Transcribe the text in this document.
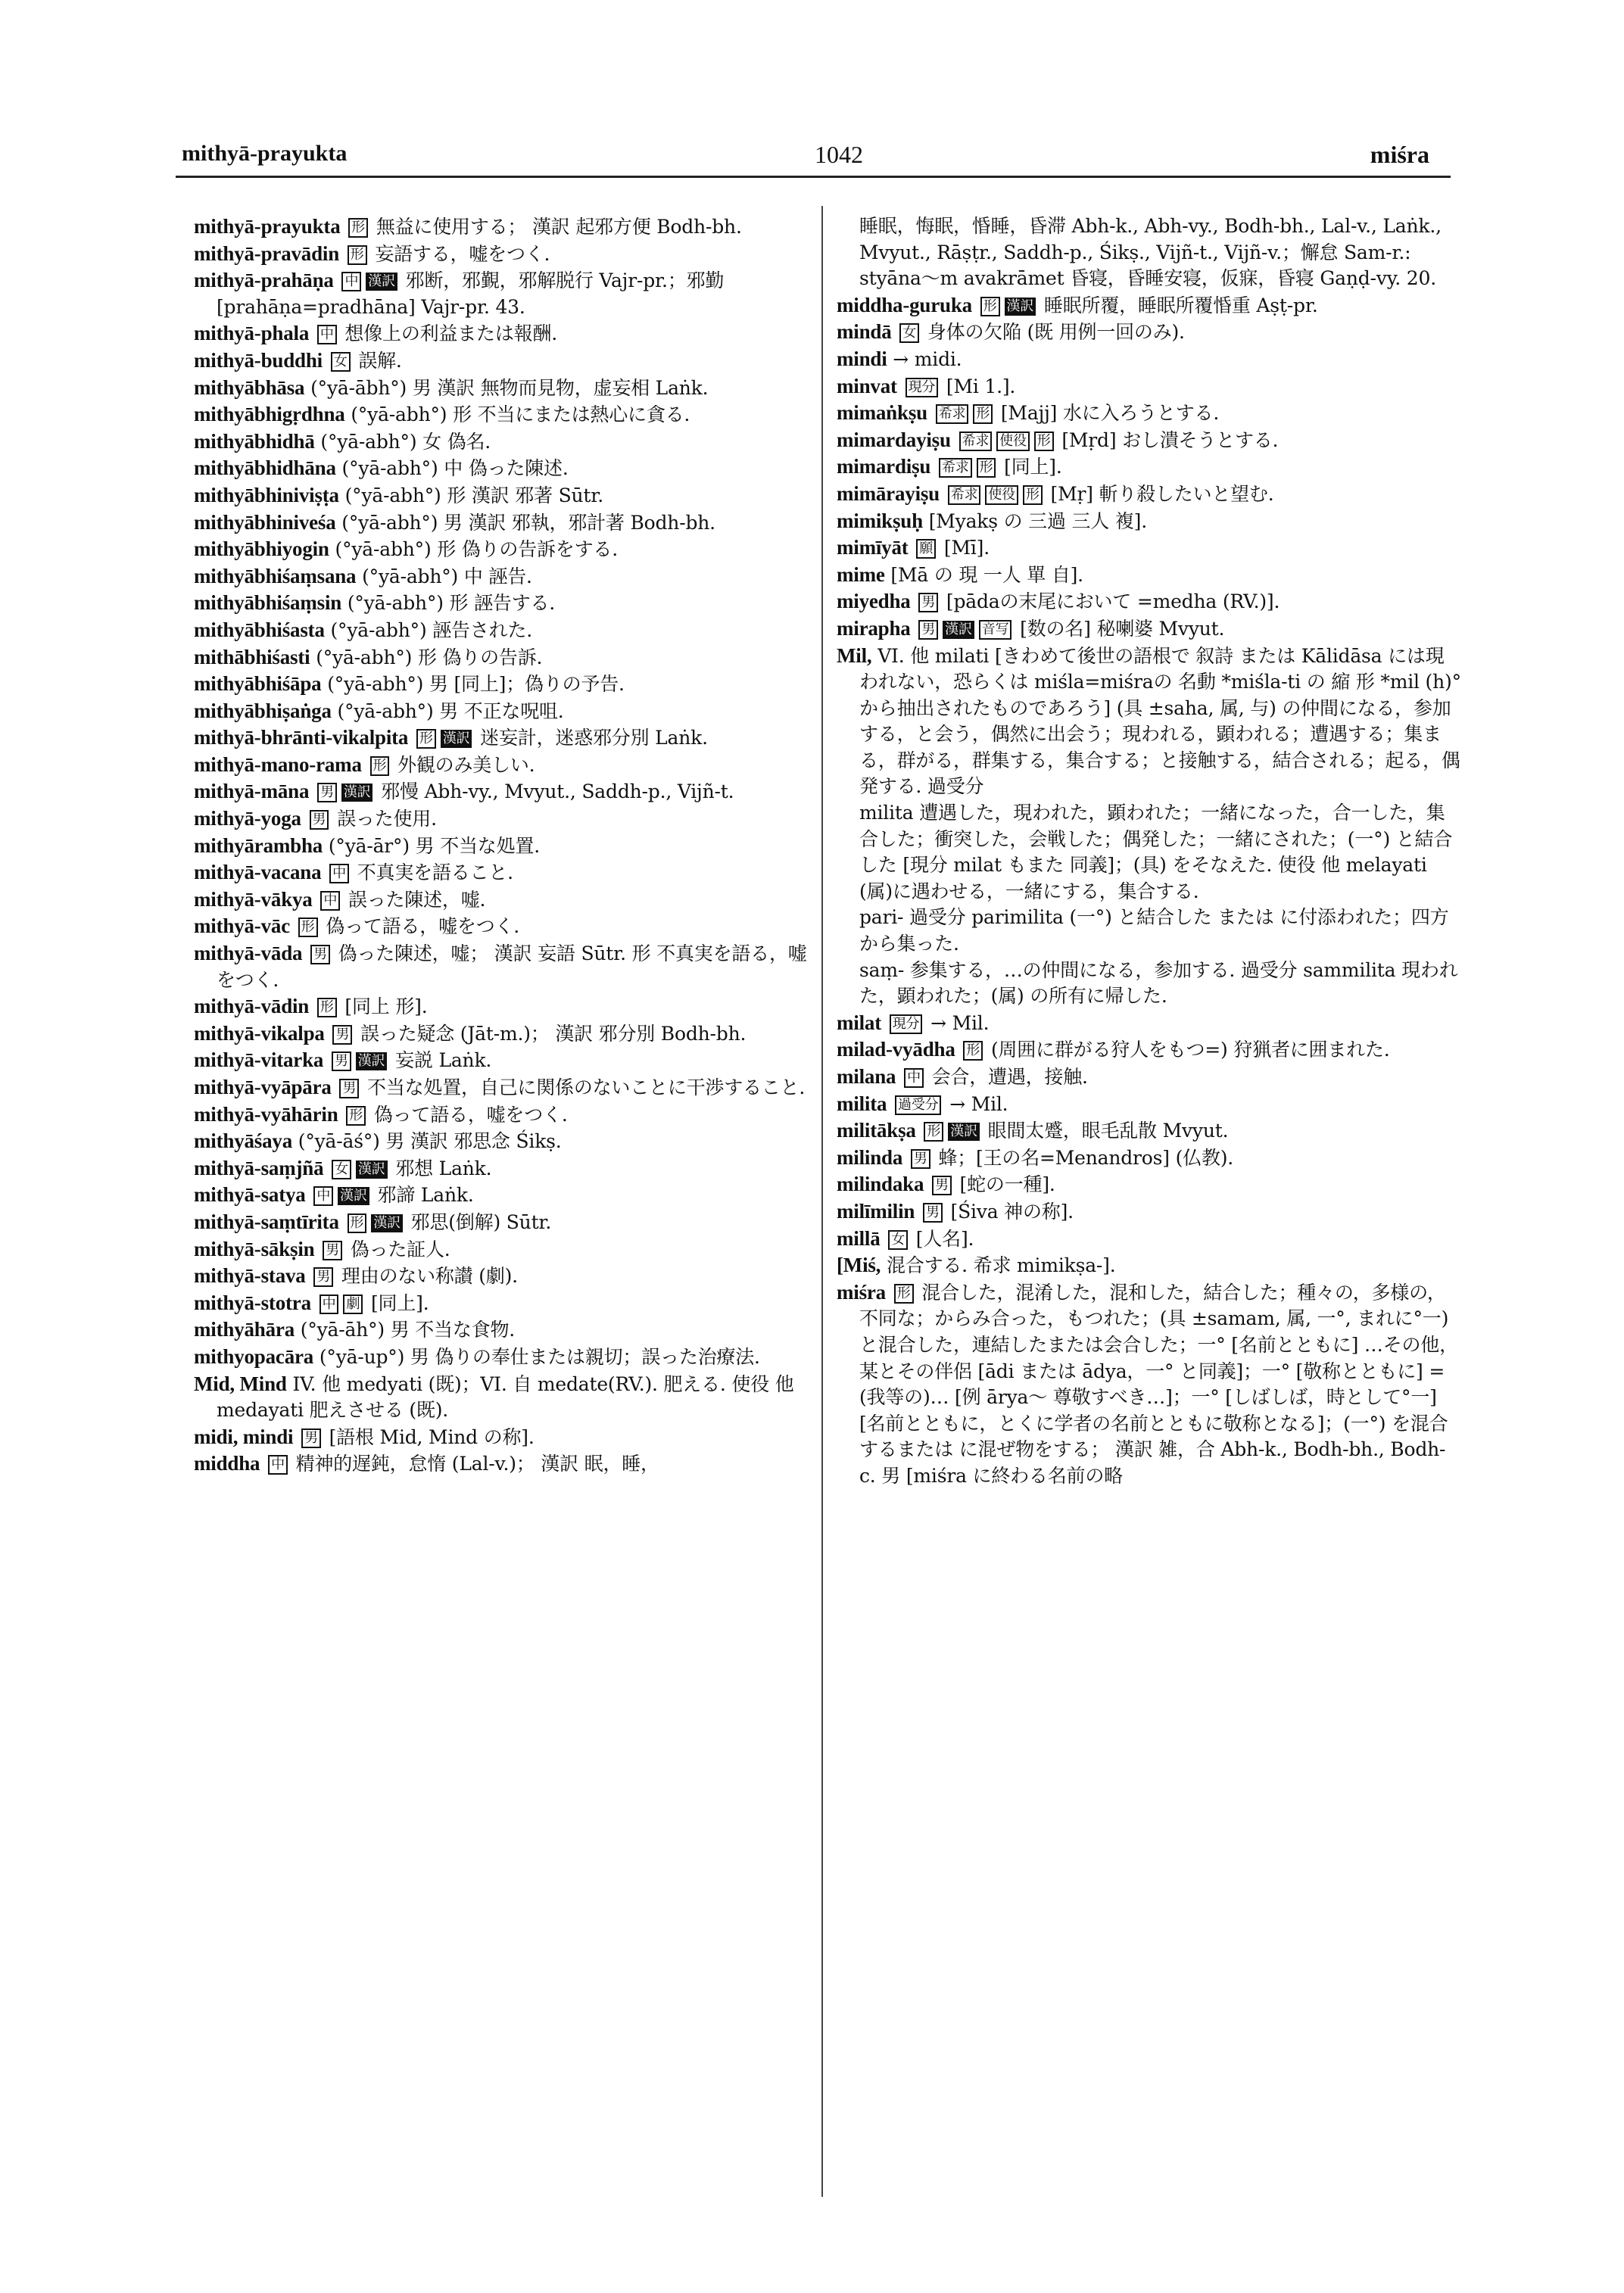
mithyā-prayukta	1042	miśra
mithyā-prayukta 形 無益に使用する； 漢訳 起邪方便 Bodh-bh.
mithyā-pravādin 形 妄語する，嘘をつく.
mithyā-prahāṇa 中 漢訳 邪断，邪覲，邪解脱行 Vajr-pr.；邪勤 [prahāṇa=pradhāna] Vajr-pr. 43.
mithyā-phala 中 想像上の利益または報酬.
mithyā-buddhi 女 誤解.
mithyābhāsa (°yā-ābh°) 男 漢訳 無物而見物，虚妄相 Laṅk.
mithyābhigṛdhna (°yā-abh°) 形 不当にまたは熱心に貪る.
mithyābhidhā (°yā-abh°) 女 偽名.
mithyābhidhāna (°yā-abh°) 中 偽った陳述.
mithyābhiniviṣṭa (°yā-abh°) 形 漢訳 邪著 Sūtr.
mithyābhiniveśa (°yā-abh°) 男 漢訳 邪執，邪計著 Bodh-bh.
mithyābhiyogin (°yā-abh°) 形 偽りの告訴をする.
mithyābhiśaṃsana (°yā-abh°) 中 誣告.
mithyābhiśaṃsin (°yā-abh°) 形 誣告する.
mithyābhiśasta (°yā-abh°) 誣告された.
mithābhiśasti (°yā-abh°) 形 偽りの告訴.
mithyābhiśāpa (°yā-abh°) 男 [同上]；偽りの予告.
mithyābhiṣaṅga (°yā-abh°) 男 不正な呪咀.
mithyā-bhrānti-vikalpita 形 漢訳 迷妄計，迷惑邪分別 Laṅk.
mithyā-mano-rama 形 外観のみ美しい.
mithyā-māna 男 漢訳 邪慢 Abh-vy., Mvyut., Saddh-p., Vijñ-t.
mithyā-yoga 男 誤った使用.
mithyārambha (°yā-ār°) 男 不当な処置.
mithyā-vacana 中 不真実を語ること.
mithyā-vākya 中 誤った陳述，嘘.
mithyā-vāc 形 偽って語る，嘘をつく.
mithyā-vāda 男 偽った陳述，嘘； 漢訳 妄語 Sūtr. 形 不真実を語る，嘘をつく.
mithyā-vādin 形 [同上 形].
mithyā-vikalpa 男 誤った疑念 (Jāt-m.)； 漢訳 邪分別 Bodh-bh.
mithyā-vitarka 男 漢訳 妄説 Laṅk.
mithyā-vyāpāra 男 不当な処置，自己に関係のないことに干渉すること.
mithyā-vyāhārin 形 偽って語る，嘘をつく.
mithyāśaya (°yā-āś°) 男 漢訳 邪思念 Śikṣ.
mithyā-saṃjñā 女 漢訳 邪想 Laṅk.
mithyā-satya 中 漢訳 邪諦 Laṅk.
mithyā-saṃtīrita 形 漢訳 邪思(倒解) Sūtr.
mithyā-sākṣin 男 偽った証人.
mithyā-stava 男 理由のない称讃 (劇).
mithyā-stotra 中 劇 [同上].
mithyāhāra (°yā-āh°) 男 不当な食物.
mithyopacāra (°yā-up°) 男 偽りの奉仕または親切；誤った治療法.
Mid, Mind IV. 他 medyati (既)；VI. 自 medate(RV.). 肥える. 使役 他 medayati 肥えさせる (既).
midi, mindi 男 [語根 Mid, Mind の称].
middha 中 精神的遅鈍，怠惰 (Lal-v.)； 漢訳 眠，睡，
睡眠，悔眠，惛睡，昏滞 Abh-k., Abh-vy., Bodh-bh., Lal-v., Laṅk., Mvyut., Rāṣṭr., Saddh-p., Śikṣ., Vijñ-t., Vijñ-v.；懈怠 Sam-r.: styāna〜m avakrāmet 昏寝，昏睡安寝，仮寐，昏寝 Gaṇḍ-vy. 20.
middha-guruka 形 漢訳 睡眠所覆，睡眠所覆惛重 Aṣṭ-pr.
mindā 女 身体の欠陥 (既 用例一回のみ).
mindi → midi.
minvat 現分 [Mi 1.].
mimaṅkṣu 希求 形 [Majj] 水に入ろうとする.
mimardayiṣu 希求 使役 形 [Mṛd] おし潰そうとする.
mimardiṣu 希求 形 [同上].
mimārayiṣu 希求 使役 形 [Mṛ] 斬り殺したいと望む.
mimikṣuḥ [Myakṣ の 三過 三人 複].
mimīyāt 願 [Mī].
mime [Mā の 現 一人 單 自].
miyedha 男 [pādaの末尾において =medha (RV.)].
mirapha 男 漢訳 音写 [数の名] 秘喇婆 Mvyut.
Mil, VI. 他 milati [きわめて後世の語根で 叙詩 または Kālidāsa には現われない，恐らくは miśla=miśraの 名動 *miśla-ti の 縮 形 *mil (h)° から抽出されたものであろう] (具 ±saha, 属, 与) の仲間になる，参加する，と会う，偶然に出会う；現われる，顕われる；遭遇する；集まる，群がる，群集する，集合する；と接触する，結合される；起る，偶発する. 過受分
milita 遭遇した，現われた，顕われた；一緒になった，合一した，集合した；衝突した，会戦した；偶発した；一緒にされた；(一°) と結合した [現分 milat もまた 同義]；(具) をそなえた. 使役 他 melayati (属)に遇わせる，一緒にする，集合する.
pari- 過受分 parimilita (一°) と結合した または に付添われた；四方から集った.
saṃ- 参集する，…の仲間になる，参加する. 過受分 sammilita 現われた，顕われた；(属) の所有に帰した.
milat 現分 → Mil.
milad-vyādha 形 (周囲に群がる狩人をもつ=) 狩猟者に囲まれた.
milana 中 会合，遭遇，接触.
milita 過受分 → Mil.
militākṣa 形 漢訳 眼間太蹙，眼毛乱散 Mvyut.
milinda 男 蜂；[王の名=Menandros] (仏教).
milindaka 男 [蛇の一種].
milīmilin 男 [Śiva 神の称].
millā 女 [人名].
[Miś, 混合する. 希求 mimikṣa-].
miśra 形 混合した，混淆した，混和した，結合した；種々の，多様の，不同な；からみ合った，もつれた；(具 ±samam, 属, 一°, まれに°一) と混合した，連結したまたは会合した；一° [名前とともに] …その他，某とその伴侶 [ādi または ādya，一° と同義]；一° [敬称とともに] =(我等の)… [例 ārya〜 尊敬すべき…]；一° [しばしば，時として°一] [名前とともに，とくに学者の名前とともに敬称となる]；(一°) を混合するまたは に混ぜ物をする； 漢訳 雑，合 Abh-k., Bodh-bh., Bodh-c. 男 [miśra に終わる名前の略
